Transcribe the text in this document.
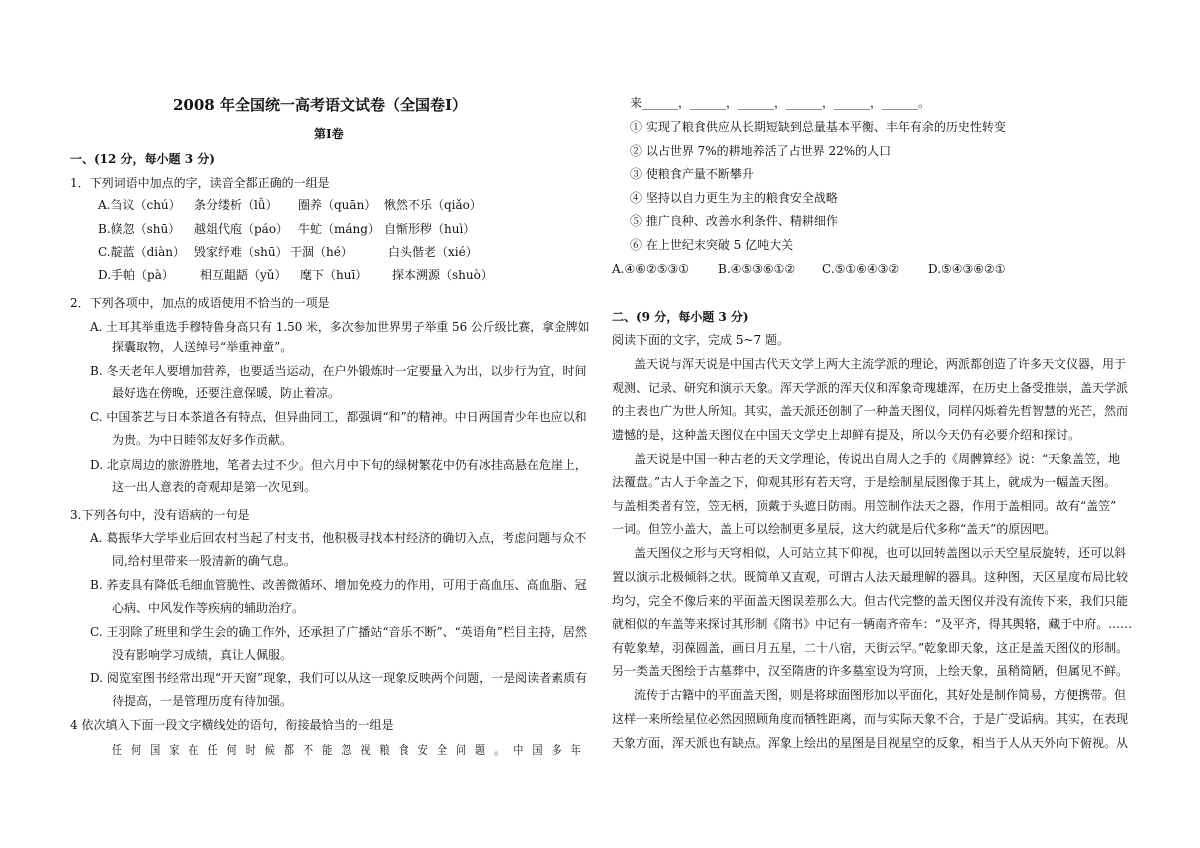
2008 年全国统一高考语文试卷（全国卷Ⅰ）
第Ⅰ卷
一、(12 分，每小题 3 分)
1．下列词语中加点的字，读音全都正确的一组是
A.刍议（chú） 条分缕析（lǚ） 圈养（quān） 愀然不乐（qiǎo）
B.倏忽（shū） 越俎代庖（páo） 牛虻（máng） 自惭形秽（huì）
C.靛蓝（diàn） 毁家纾难（shū） 干涸（hé）	白头偕老（xié）
D.手帕（pà） 相互龃龉（yǔ） 麾下（huī） 探本溯源（shuò）
2．下列各项中，加点的成语使用不恰当的一项是
A. 土耳其举重选手穆特鲁身高只有 1.50 米，多次参加世界男子举重 56 公斤级比赛，拿金牌如
探囊取物，人送绰号“举重神童”。
B. 冬天老年人要增加营养，也要适当运动，在户外锻炼时一定要量入为出，以步行为宜，时间
最好选在傍晚，还要注意保暖，防止着凉。
C. 中国茶艺与日本茶道各有特点，但异曲同工，都强调“和”的精神。中日两国青少年也应以和
为贵。为中日睦邻友好多作贡献。
D. 北京周边的旅游胜地，笔者去过不少。但六月中下旬的绿树繁花中仍有冰挂高悬在危崖上，
这一出人意表的奇观却是第一次见到。
3.下列各句中，没有语病的一句是
A. 葛振华大学毕业后回农村当起了村支书，他积极寻找本村经济的确切入点，考虑问题与众不
同,给村里带来一股清新的确气息。
B. 荞麦具有降低毛细血管脆性、改善微循环、增加免疫力的作用，可用于高血压、高血脂、冠
心病、中风发作等疾病的辅助治疗。
C. 王羽除了班里和学生会的确工作外，还承担了广播站“音乐不断”、“英语角”栏目主持，居然
没有影响学习成绩，真让人佩服。
D. 阅览室图书经常出现“开天窗”现象，我们可以从这一现象反映两个问题，一是阅读者素质有
待提高，一是管理历度有待加强。
4 依次填入下面一段文字横线处的语句，衔接最恰当的一组是
任何国家在任何时候都不能忽视粮食安全问题。中国多年
来______，______，______，______，______，______。
① 实现了粮食供应从长期短缺到总量基本平衡、丰年有余的历史性转变
② 以占世界 7%的耕地养活了占世界 22%的人口
③ 使粮食产量不断攀升
④ 坚持以自力更生为主的粮食安全战略
⑤ 推广良种、改善水利条件、精耕细作
⑥ 在上世纪末突破 5 亿吨大关
A.④⑥②⑤③① B.④⑤③⑥①② C.⑤①⑥④③② D.⑤④③⑥②①
二、(9 分，每小题 3 分)
阅读下面的文字，完成 5~7 题。
盖天说与浑天说是中国古代天文学上两大主流学派的理论，两派都创造了许多天文仪器，用于
观测、记录、研究和演示天象。浑天学派的浑天仪和浑象奇瑰雄浑，在历史上备受推崇，盖天学派
的主表也广为世人所知。其实，盖天派还创制了一种盖天图仪，同样闪烁着先哲智慧的光芒，然而
遗憾的是，这种盖天图仪在中国天文学史上却鲜有提及，所以今天仍有必要介绍和探讨。
盖天说是中国一种古老的天文学理论，传说出自周人之手的《周髀算经》说：“天象盖笠，地
法覆盘。”古人于伞盖之下，仰观其形有若天穹，于是绘制星辰图像于其上，就成为一幅盖天图。
与盖相类者有笠，笠无柄，顶戴于头遮日防雨。用笠制作法天之器，作用于盖相同。故有“盖笠”
一词。但笠小盖大，盖上可以绘制更多星辰，这大约就是后代多称“盖天”的原因吧。
盖天图仪之形与天穹相似，人可站立其下仰视，也可以回转盖图以示天空星辰旋转，还可以斜
置以演示北极倾斜之状。既简单又直观，可谓古人法天最理解的器具。这种图，天区星度布局比较
均匀，完全不像后来的平面盖天图误差那么大。但古代完整的盖天图仪并没有流传下来，我们只能
就相似的车盖等来探讨其形制《隋书》中记有一辆南齐帝车：“及平齐，得其舆辂，藏于中府。……
有乾象辇，羽葆圆盖，画日月五星，二十八宿，天街云罕。”乾象即天象，这正是盖天图仪的形制。
另一类盖天图绘于古墓葬中，汉至隋唐的许多墓室设为穹顶，上绘天象，虽稍简陋，但属见不鲜。
流传于古籍中的平面盖天图，则是将球面图形加以平面化，其好处是制作简易，方便携带。但
这样一来所绘星位必然因照顾角度而牺牲距离，而与实际天象不合，于是广受诟病。其实，在表现
天象方面，浑天派也有缺点。浑象上绘出的星图是目视星空的反象，相当于人从天外向下俯视。从
